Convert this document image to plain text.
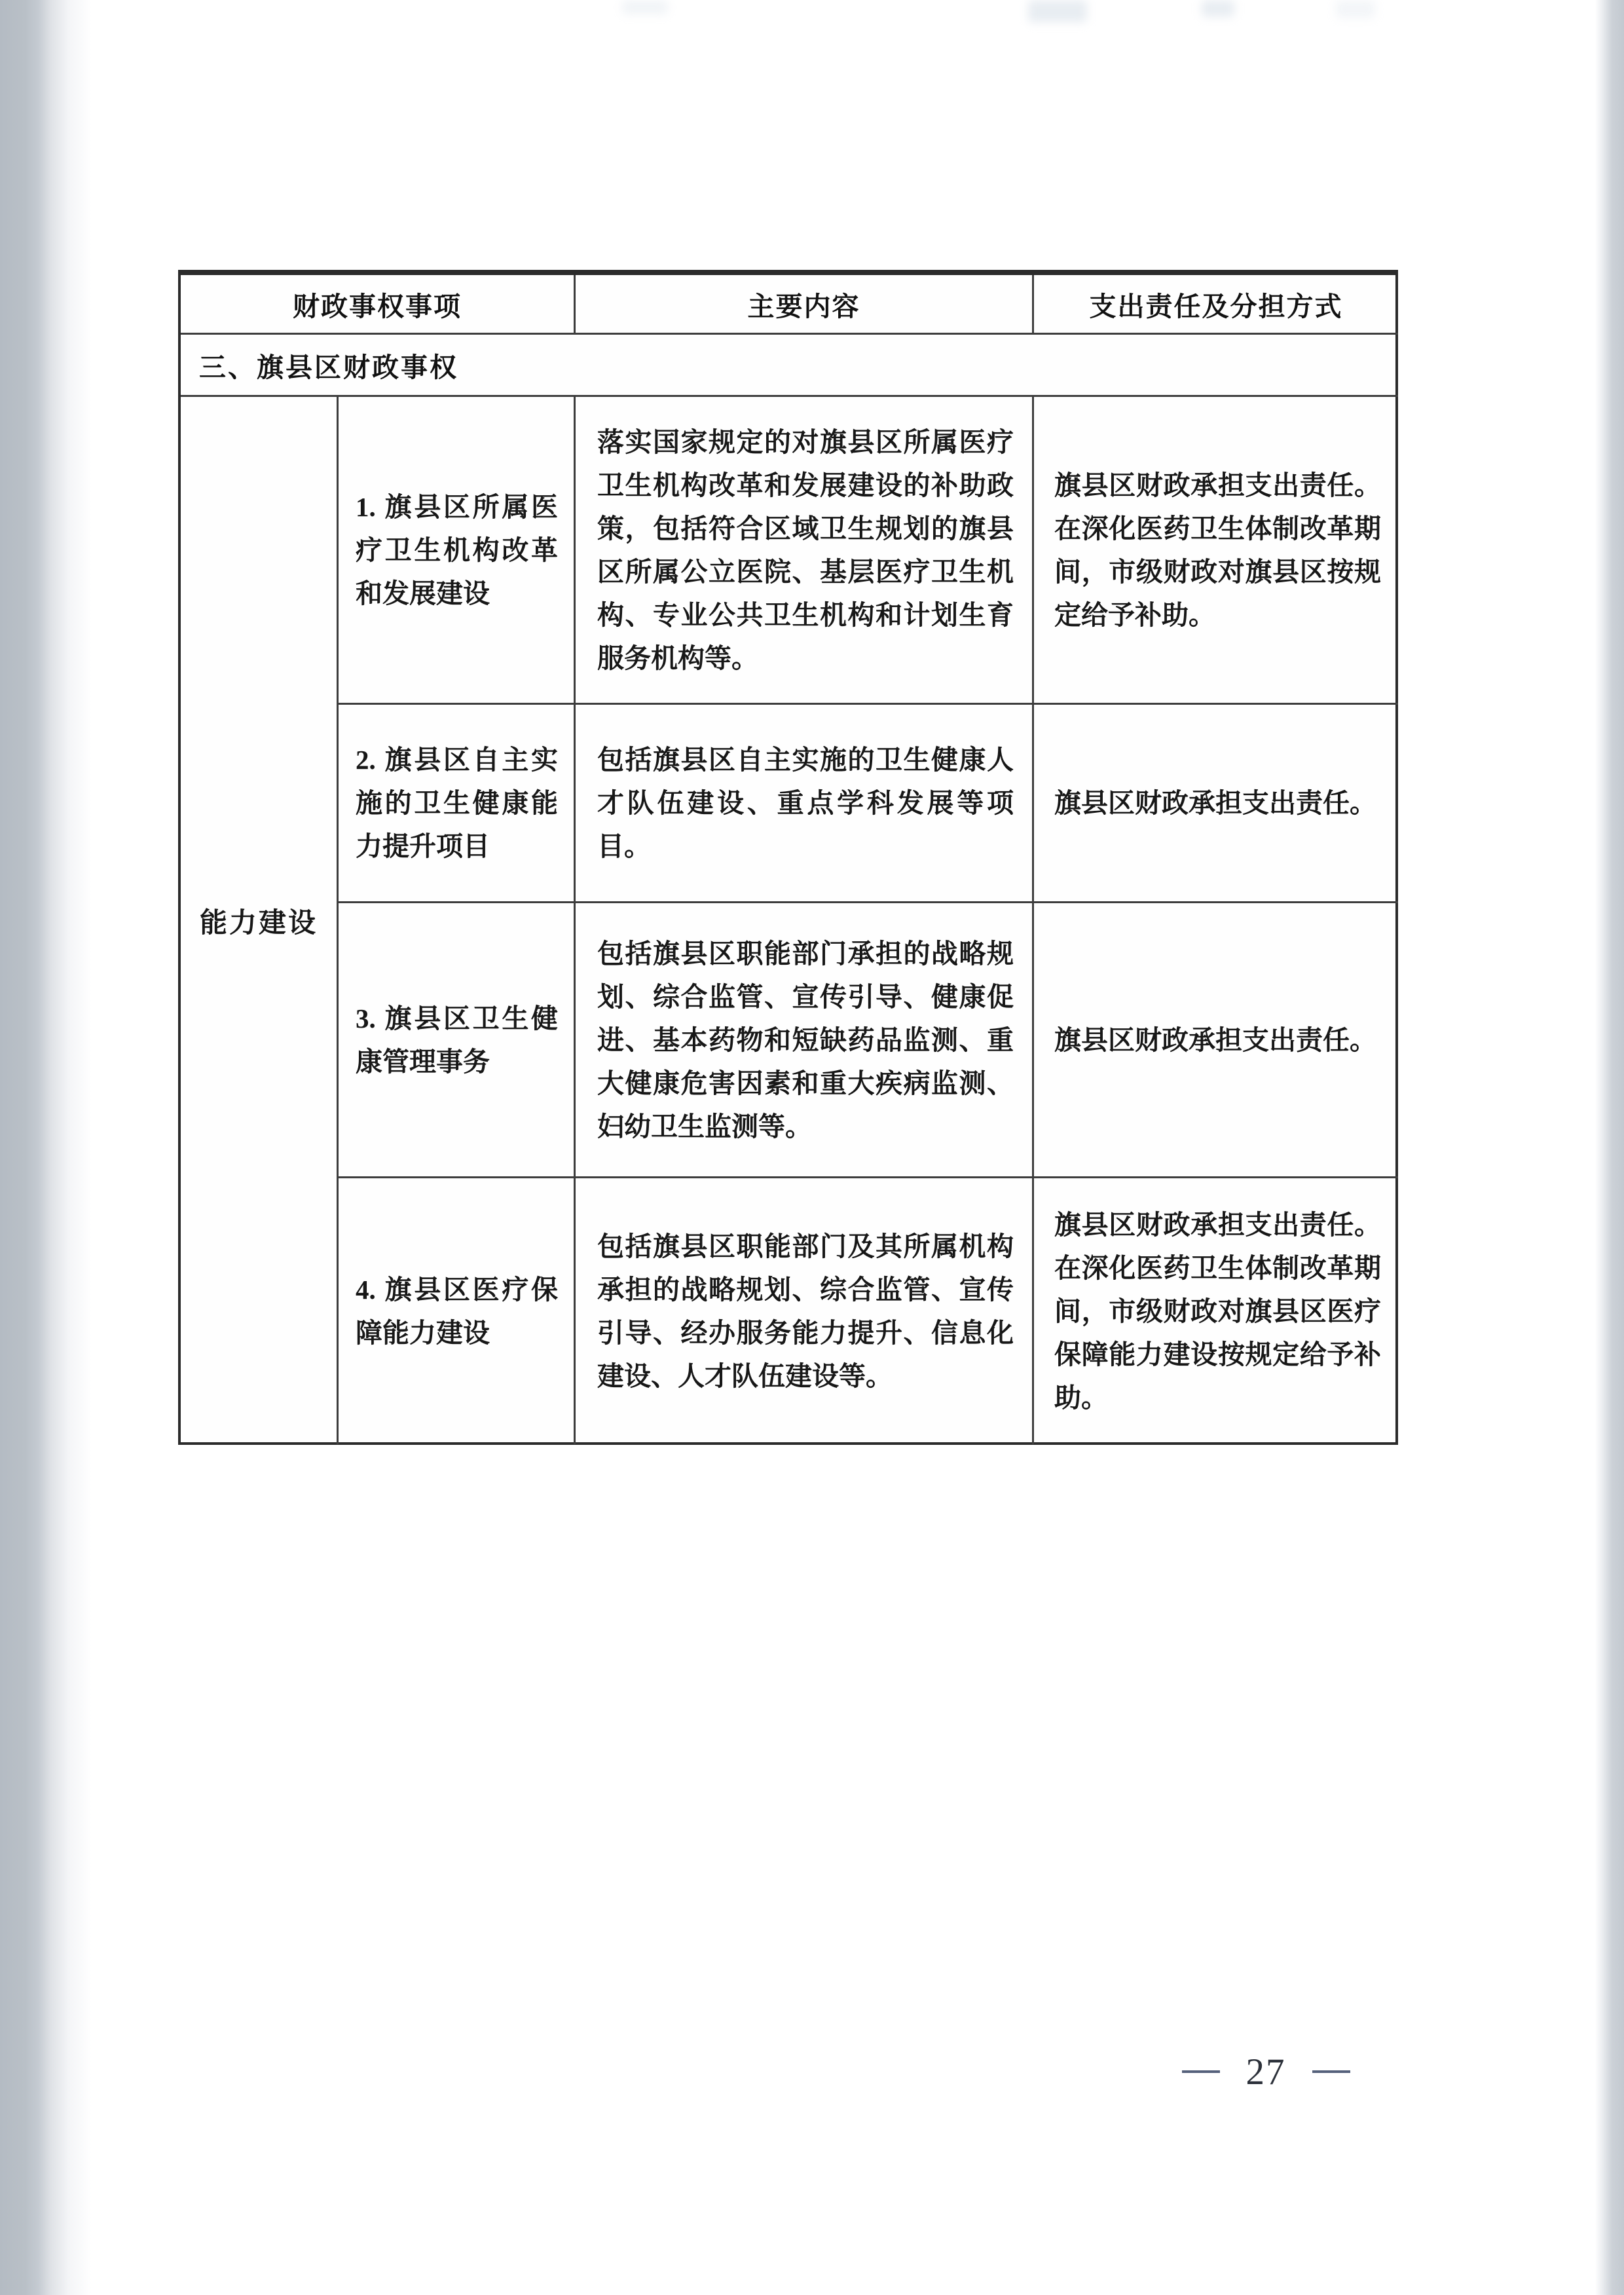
财政事权事项	主要内容	支出责任及分担方式
三、旗县区财政事权
能力建设
1. 旗县区所属医疗卫生机构改革和发展建设
落实国家规定的对旗县区所属医疗卫生机构改革和发展建设的补助政策，包括符合区域卫生规划的旗县区所属公立医院、基层医疗卫生机构、专业公共卫生机构和计划生育服务机构等。
旗县区财政承担支出责任。在深化医药卫生体制改革期间，市级财政对旗县区按规定给予补助。
2. 旗县区自主实施的卫生健康能力提升项目
包括旗县区自主实施的卫生健康人才队伍建设、重点学科发展等项目。
旗县区财政承担支出责任。
3. 旗县区卫生健康管理事务
包括旗县区职能部门承担的战略规划、综合监管、宣传引导、健康促进、基本药物和短缺药品监测、重大健康危害因素和重大疾病监测、妇幼卫生监测等。
旗县区财政承担支出责任。
4. 旗县区医疗保障能力建设
包括旗县区职能部门及其所属机构承担的战略规划、综合监管、宣传引导、经办服务能力提升、信息化建设、人才队伍建设等。
旗县区财政承担支出责任。在深化医药卫生体制改革期间，市级财政对旗县区医疗保障能力建设按规定给予补助。
27
